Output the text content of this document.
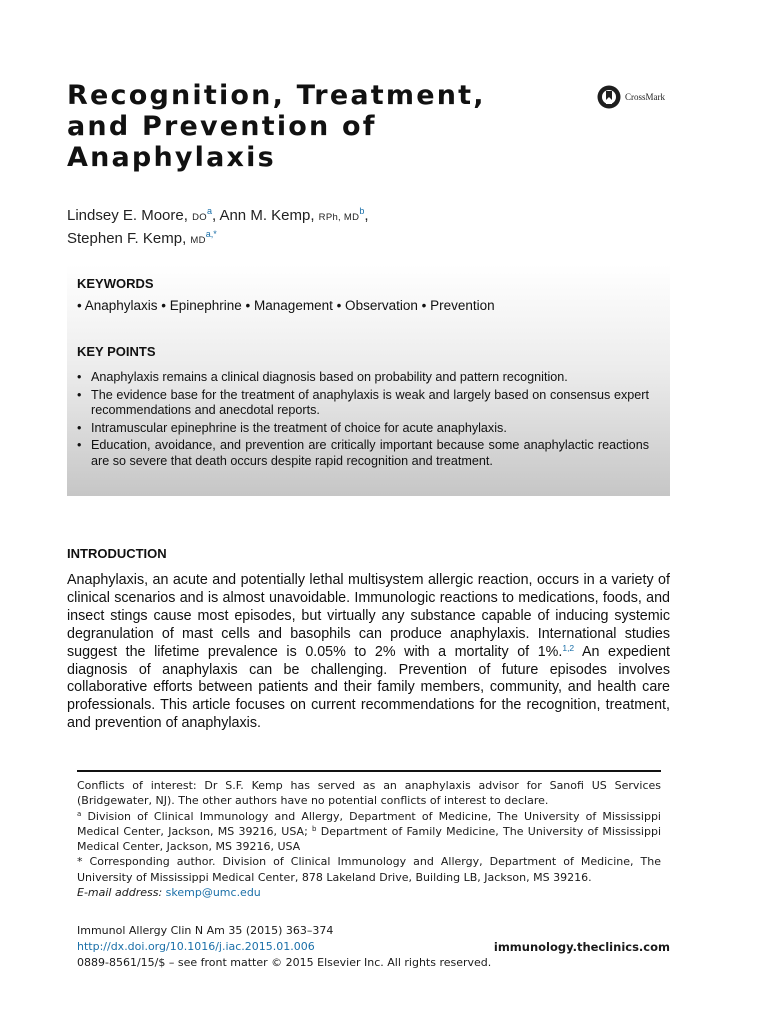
Recognition, Treatment,
and Prevention of
Anaphylaxis
CrossMark
Lindsey E. Moore, $DO^a$, Ann M. Kemp, RPh, $MD^b$,
Stephen F. Kemp, $MD^{a,*}$
KEYWORDS
• Anaphylaxis • Epinephrine • Management • Observation • Prevention
KEY POINTS
• Anaphylaxis remains a clinical diagnosis based on probability and pattern recognition.
• The evidence base for the treatment of anaphylaxis is weak and largely based on consensus expert recommendations and anecdotal reports.
• Intramuscular epinephrine is the treatment of choice for acute anaphylaxis.
• Education, avoidance, and prevention are critically important because some anaphylactic reactions are so severe that death occurs despite rapid recognition and treatment.
INTRODUCTION

Anaphylaxis, an acute and potentially lethal multisystem allergic reaction, occurs in a variety of clinical scenarios and is almost unavoidable. Immunologic reactions to medications, foods, and insect stings cause most episodes, but virtually any substance capable of inducing systemic degranulation of mast cells and basophils can produce anaphylaxis. International studies suggest the lifetime prevalence is 0.05% to 2% with a mortality of 1%.$^{1,2}$ An expedient diagnosis of anaphylaxis can be challenging. Prevention of future episodes involves collaborative efforts between patients and their family members, community, and health care professionals. This article focuses on current recommendations for the recognition, treatment, and prevention of anaphylaxis.

Conflicts of interest: Dr S.F. Kemp has served as an anaphylaxis advisor for Sanofi US Services (Bridgewater, NJ). The other authors have no potential conflicts of interest to declare.

$^a$ Division of Clinical Immunology and Allergy, Department of Medicine, The University of Mississippi Medical Center, Jackson, MS 39216, USA; $^b$ Department of Family Medicine, The University of Mississippi Medical Center, Jackson, MS 39216, USA

* Corresponding author. Division of Clinical Immunology and Allergy, Department of Medicine, The University of Mississippi Medical Center, 878 Lakeland Drive, Building LB, Jackson, MS 39216.

E-mail address: skemp@umc.edu

Immunol Allergy Clin N Am 35 (2015) 363–374
http://dx.doi.org/10.1016/j.iac.2015.01.006	immunology.theclinics.com
0889-8561/15/$ – see front matter © 2015 Elsevier Inc. All rights reserved.
